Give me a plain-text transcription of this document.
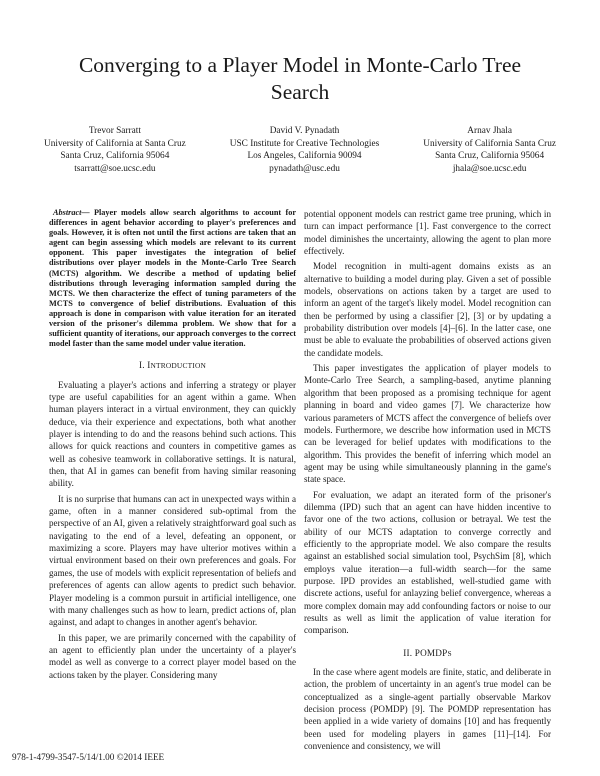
Converging to a Player Model in Monte-Carlo Tree
Search
Trevor Sarratt
University of California at Santa Cruz
Santa Cruz, California 95064
tsarratt@soe.ucsc.edu
David V. Pynadath
USC Institute for Creative Technologies
Los Angeles, California 90094
pynadath@usc.edu
Arnav Jhala
University of California Santa Cruz
Santa Cruz, California 95064
jhala@soe.ucsc.edu
Abstract— Player models allow search algorithms to account for differences in agent behavior according to player's preferences and goals. However, it is often not until the first actions are taken that an agent can begin assessing which models are relevant to its current opponent. This paper investigates the integration of belief distributions over player models in the Monte-Carlo Tree Search (MCTS) algorithm. We describe a method of updating belief distributions through leveraging information sampled during the MCTS. We then characterize the effect of tuning parameters of the MCTS to convergence of belief distributions. Evaluation of this approach is done in comparison with value iteration for an iterated version of the prisoner's dilemma problem. We show that for a sufficient quantity of iterations, our approach converges to the correct model faster than the same model under value iteration.
I. INTRODUCTION

Evaluating a player's actions and inferring a strategy or player type are useful capabilities for an agent within a game. When human players interact in a virtual environment, they can quickly deduce, via their experience and expectations, both what another player is intending to do and the reasons behind such actions. This allows for quick reactions and counters in competitive games as well as cohesive teamwork in collaborative settings. It is natural, then, that AI in games can benefit from having similar reasoning ability.

It is no surprise that humans can act in unexpected ways within a game, often in a manner considered sub-optimal from the perspective of an AI, given a relatively straightforward goal such as navigating to the end of a level, defeating an opponent, or maximizing a score. Players may have ulterior motives within a virtual environment based on their own preferences and goals. For games, the use of models with explicit representation of beliefs and preferences of agents can allow agents to predict such behavior. Player modeling is a common pursuit in artificial intelligence, one with many challenges such as how to learn, predict actions of, plan against, and adapt to changes in another agent's behavior.

In this paper, we are primarily concerned with the capability of an agent to efficiently plan under the uncertainty of a player's model as well as converge to a correct player model based on the actions taken by the player. Considering many

potential opponent models can restrict game tree pruning, which in turn can impact performance [1]. Fast convergence to the correct model diminishes the uncertainty, allowing the agent to plan more effectively.

Model recognition in multi-agent domains exists as an alternative to building a model during play. Given a set of possible models, observations on actions taken by a target are used to inform an agent of the target's likely model. Model recognition can then be performed by using a classifier [2], [3] or by updating a probability distribution over models [4]–[6]. In the latter case, one must be able to evaluate the probabilities of observed actions given the candidate models.

This paper investigates the application of player models to Monte-Carlo Tree Search, a sampling-based, anytime planning algorithm that been proposed as a promising technique for agent planning in board and video games [7]. We characterize how various parameters of MCTS affect the convergence of beliefs over models. Furthermore, we describe how information used in MCTS can be leveraged for belief updates with modifications to the algorithm. This provides the benefit of inferring which model an agent may be using while simultaneously planning in the game's state space.

For evaluation, we adapt an iterated form of the prisoner's dilemma (IPD) such that an agent can have hidden incentive to favor one of the two actions, collusion or betrayal. We test the ability of our MCTS adaptation to converge correctly and efficiently to the appropriate model. We also compare the results against an established social simulation tool, PsychSim [8], which employs value iteration—a full-width search—for the same purpose. IPD provides an established, well-studied game with discrete actions, useful for anlayzing belief convergence, whereas a more complex domain may add confounding factors or noise to our results as well as limit the application of value iteration for comparison.

II. POMDPS

In the case where agent models are finite, static, and deliberate in action, the problem of uncertainty in an agent's true model can be conceptualized as a single-agent partially observable Markov decision process (POMDP) [9]. The POMDP representation has been applied in a wide variety of domains [10] and has frequently been used for modeling players in games [11]–[14]. For convenience and consistency, we will

978-1-4799-3547-5/14/1.00 ©2014 IEEE
